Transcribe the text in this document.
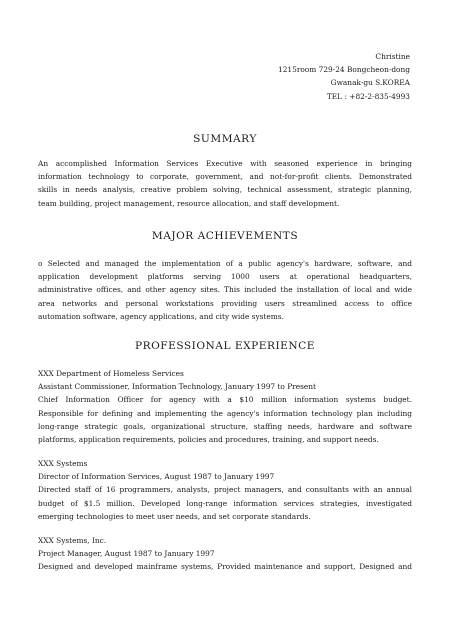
Christine
1215room 729-24 Bongcheon-dong
Gwanak-gu S.KOREA
TEL : +82-2-835-4993
SUMMARY
An accomplished Information Services Executive with seasoned experience in bringing
information technology to corporate, government, and not-for-profit clients. Demonstrated
skills in needs analysis, creative problem solving, technical assessment, strategic planning,
team building, project management, resource allocation, and staff development.
MAJOR ACHIEVEMENTS
o Selected and managed the implementation of a public agency's hardware, software, and
application development platforms serving 1000 users at operational headquarters,
administrative offices, and other agency sites. This included the installation of local and wide
area networks and personal workstations providing users streamlined access to office
automation software, agency applications, and city wide systems.
PROFESSIONAL EXPERIENCE
XXX Department of Homeless Services
Assistant Commissioner, Information Technology, January 1997 to Present
Chief Information Officer for agency with a $10 million information systems budget.
Responsible for defining and implementing the agency's information technology plan including
long-range strategic goals, organizational structure, staffing needs, hardware and software
platforms, application requirements, policies and procedures, training, and support needs.
XXX Systems
Director of Information Services, August 1987 to January 1997
Directed staff of 16 programmers, analysts, project managers, and consultants with an annual
budget of $1.5 million. Developed long-range information services strategies, investigated
emerging technologies to meet user needs, and set corporate standards.
XXX Systems, Inc.
Project Manager, August 1987 to January 1997
Designed and developed mainframe systems, Provided maintenance and support, Designed and
